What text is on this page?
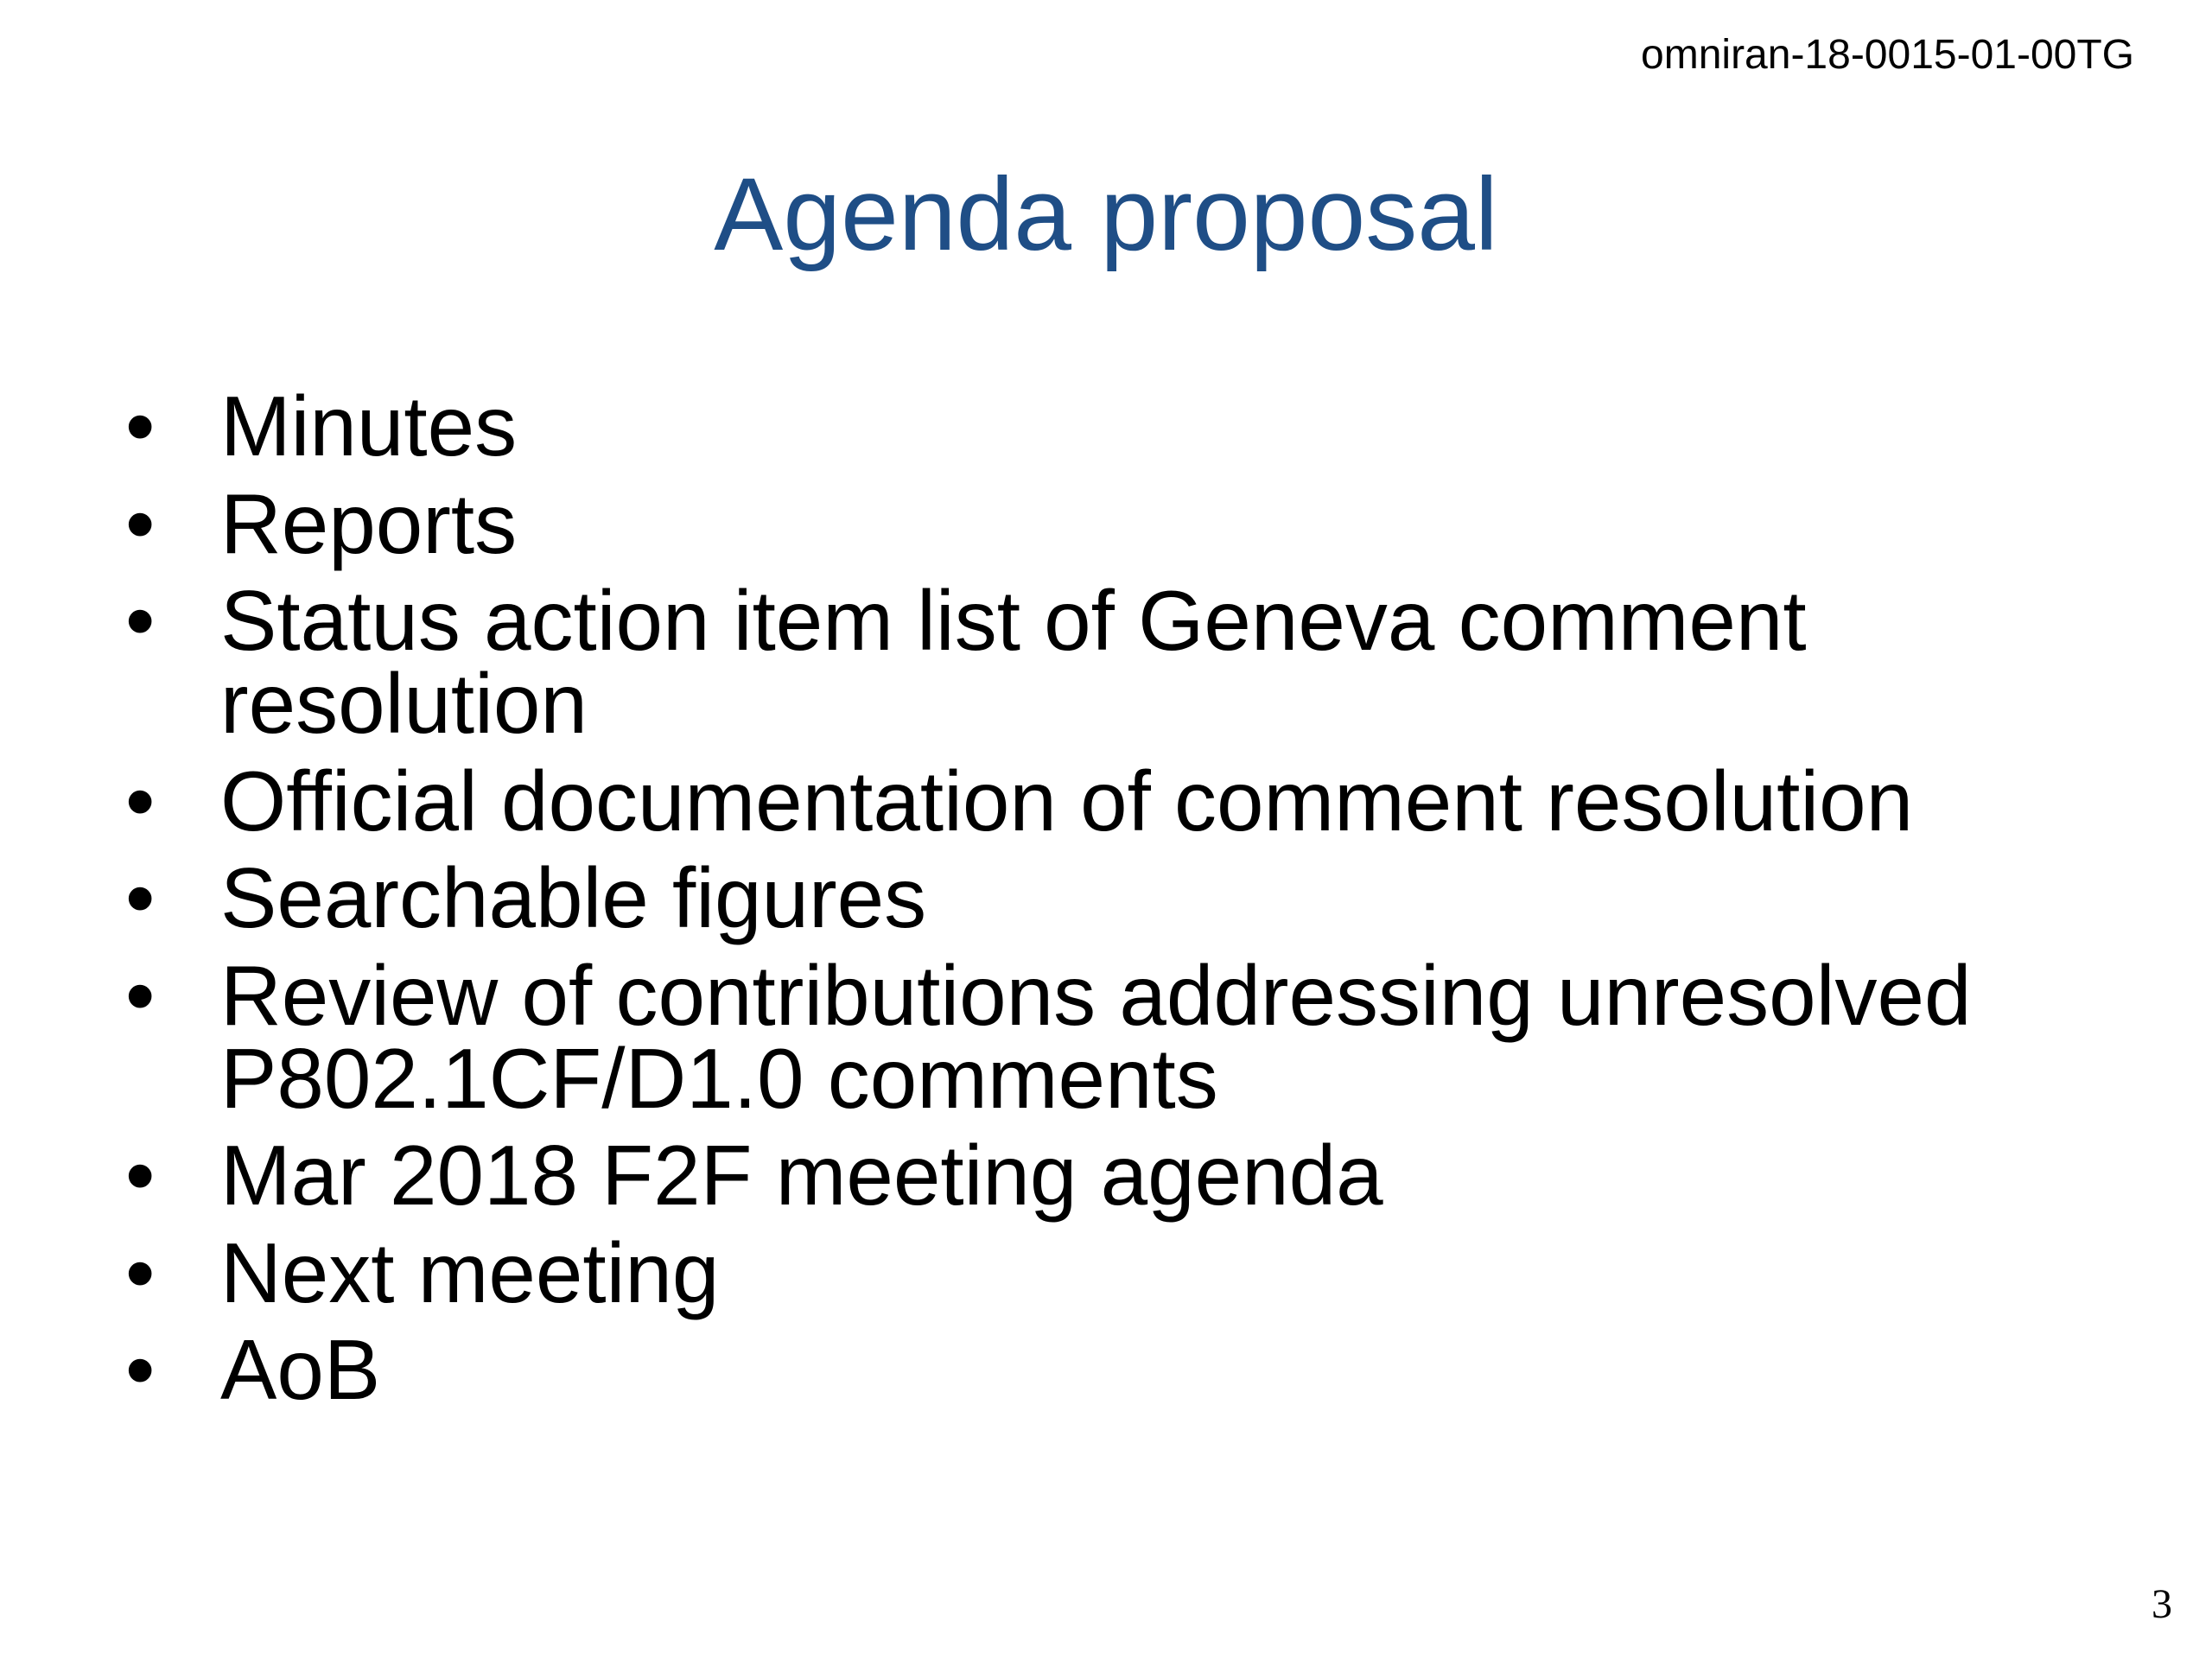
omniran-18-0015-01-00TG
Agenda proposal
• Minutes
• Reports
• Status action item list of Geneva comment resolution
• Official documentation of comment resolution
• Searchable figures
• Review of contributions addressing unresolved P802.1CF/D1.0 comments
• Mar 2018 F2F meeting agenda
• Next meeting
• AoB
3
